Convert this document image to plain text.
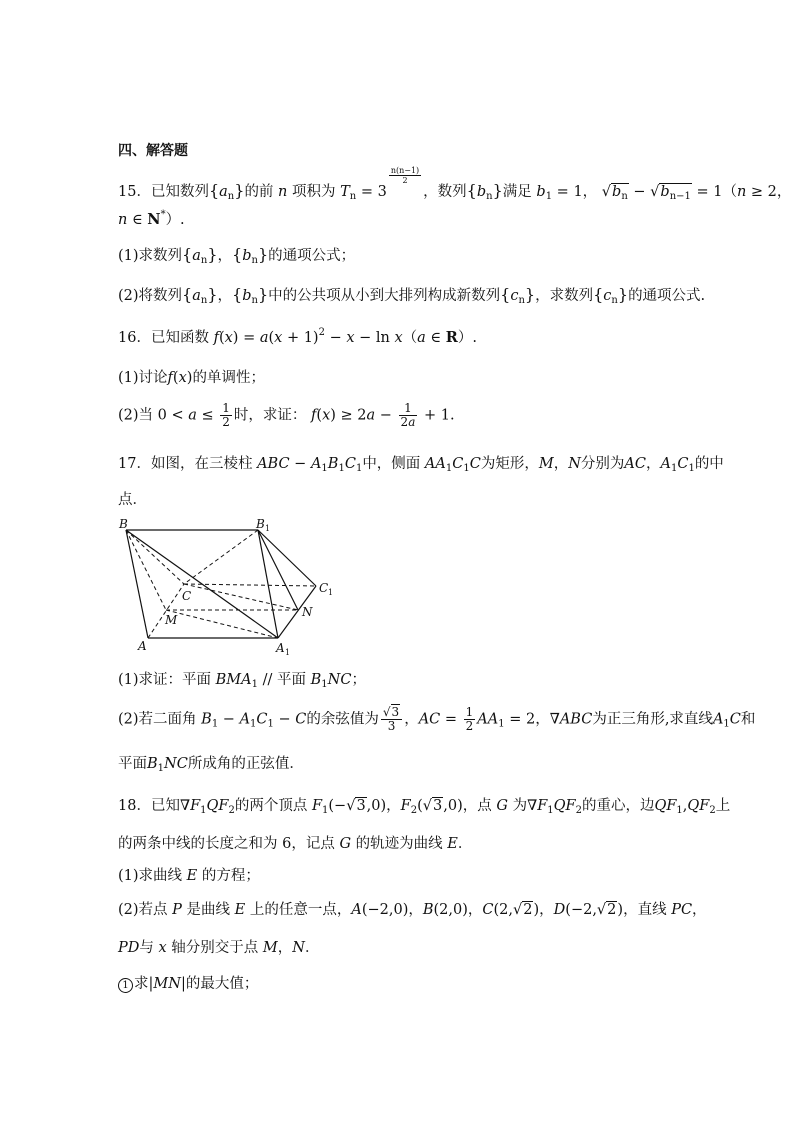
四、解答题
15．已知数列$\{a_n\}$的前 n 项积为 $T_n = 3$
$^{\frac{n(n-1)}{2}}$
，数列$\{b_n\}$满足 $b_1 = 1$， $√b_n - √b_{n-1} = 1(n \ge 2$，
n ∈ N*）.
(1)求数列$\{a_n\}$，$\{b_n\}$的通项公式；
(2)将数列$\{a_n\}$，$\{b_n\}$中的公共项从小到大排列构成新数列$\{c_n\}$，求数列$\{c_n\}$的通项公式.
16．已知函数 $f(x) = a(x + 1)^2 - x - \ln x(a$ ∈ R）.
(1)讨论f(x)的单调性；
(2)当 $0 < a \le \frac{1}{2}$ 时，求证： $f(x) \ge 2a - \frac{1}{2a} + 1$.
17．如图，在三棱柱 ABC − $A_1B_1C_1$中，侧面 $AA_1C_1C$为矩形，M，N分别为AC，$A_1C_1$的中
点．
B	B 1
C 1
C
M
N
A	A 1
(1)求证：平面 $BMA_1$ // 平面 $B_1NC$；
(2)若二面角 $B_1 - A_1C_1 - C$的余弦值为 $\frac{√3}{3}$ ，AC = $\frac{1}{2} AA_1 = 2$，∇ABC为正三角形,求直线$A_1C$和
平面$B_1NC$所成角的正弦值．
18．已知$\nabla F_1QF_2$的两个顶点 $F_1(-√3,0)$，$F_2(√3,0)$，点 G 为$\nabla F_1QF_2$的重心，边$QF_1,QF_2$上
的两条中线的长度之和为 6，记点 G 的轨迹为曲线 E．
(1)求曲线 E 的方程；
(2)若点 P 是曲线 E 上的任意一点，A(−2,0)，B(2,0)，C(2,√2)，D(−2,√2)，直线 PC，
PD与 x 轴分别交于点 M，N．
1 求|MN|的最大值；
